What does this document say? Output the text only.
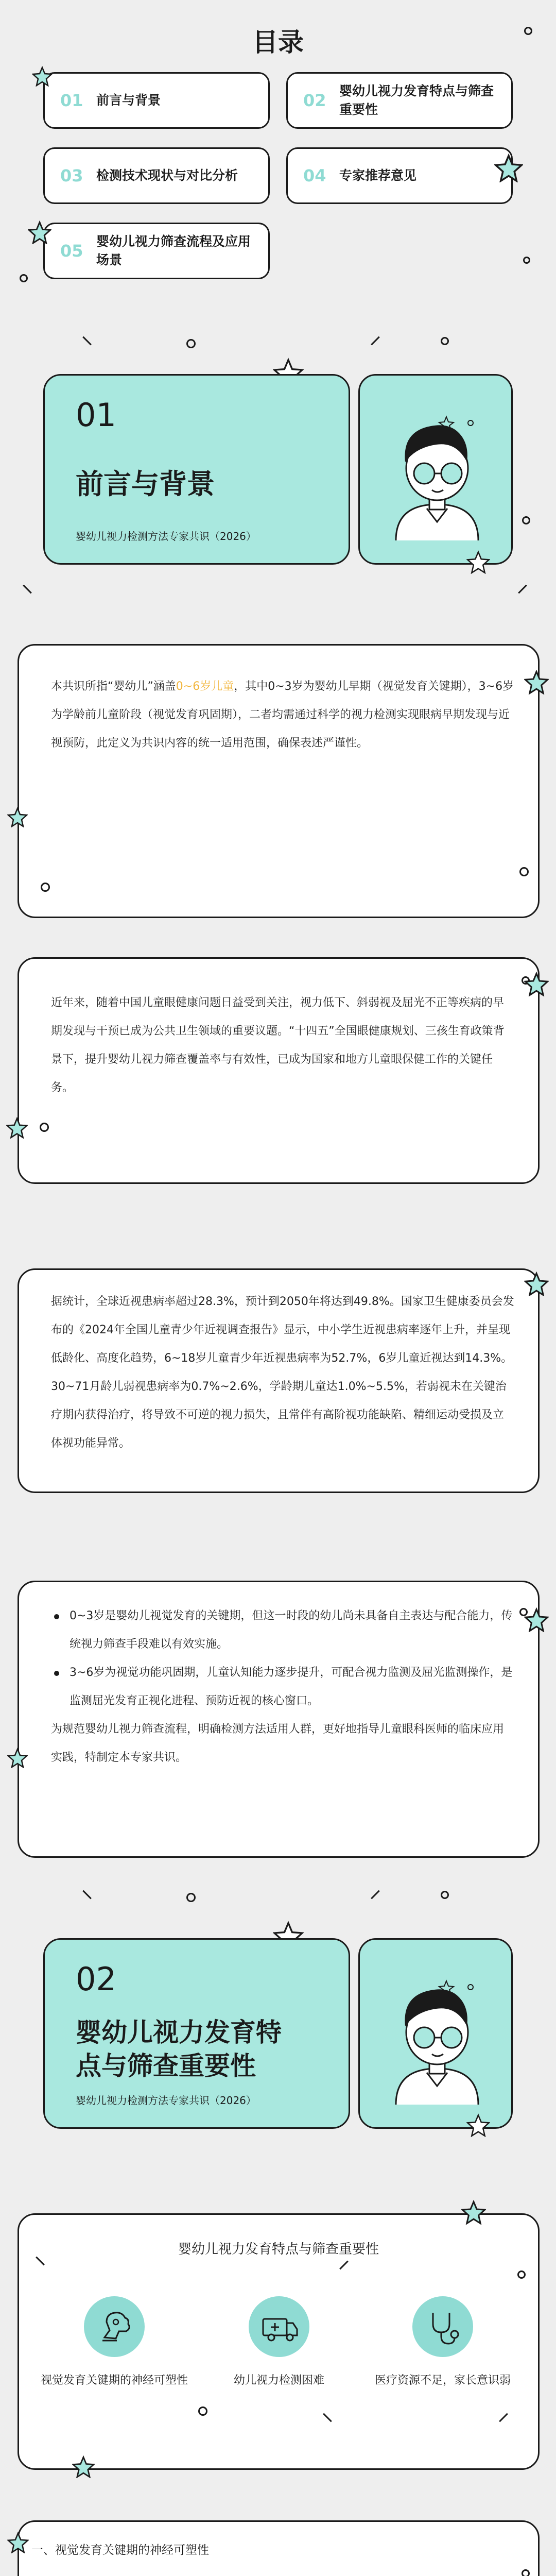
目录
01	前言与背景	02	婴幼儿视力发育特点与筛查重要性
03	检测技术现状与对比分析	04	专家推荐意见
05	婴幼儿视力筛查流程及应用场景
01
前言与背景
婴幼儿视力检测方法专家共识（2026）
本共识所指“婴幼儿”涵盖0~6岁儿童，其中0~3岁为婴幼儿早期（视觉发育关键期），3~6岁为学龄前儿童阶段（视觉发育巩固期），二者均需通过科学的视力检测实现眼病早期发现与近视预防，此定义为共识内容的统一适用范围，确保表述严谨性。
近年来，随着中国儿童眼健康问题日益受到关注，视力低下、斜弱视及屈光不正等疾病的早期发现与干预已成为公共卫生领域的重要议题。“十四五”全国眼健康规划、三孩生育政策背景下，提升婴幼儿视力筛查覆盖率与有效性，已成为国家和地方儿童眼保健工作的关键任务。
据统计，全球近视患病率超过28.3%，预计到2050年将达到49.8%。国家卫生健康委员会发布的《2024年全国儿童青少年近视调查报告》显示，中小学生近视患病率逐年上升，并呈现低龄化、高度化趋势，6~18岁儿童青少年近视患病率为52.7%，6岁儿童近视达到14.3%。30~71月龄儿弱视患病率为0.7%~2.6%，学龄期儿童达1.0%~5.5%，若弱视未在关键治疗期内获得治疗，将导致不可逆的视力损失，且常伴有高阶视功能缺陷、精细运动受损及立体视功能异常。
0~3岁是婴幼儿视觉发育的关键期，但这一时段的幼儿尚未具备自主表达与配合能力，传统视力筛查手段难以有效实施。
3~6岁为视觉功能巩固期，儿童认知能力逐步提升，可配合视力监测及屈光监测操作，是监测屈光发育正视化进程、预防近视的核心窗口。
为规范婴幼儿视力筛查流程，明确检测方法适用人群，更好地指导儿童眼科医师的临床应用实践，特制定本专家共识。
02
婴幼儿视力发育特
点与筛查重要性
婴幼儿视力检测方法专家共识（2026）
婴幼儿视力发育特点与筛查重要性
视觉发育关键期的神经可塑性	幼儿视力检测困难	医疗资源不足，家长意识弱
一、视觉发育关键期的神经可塑性
